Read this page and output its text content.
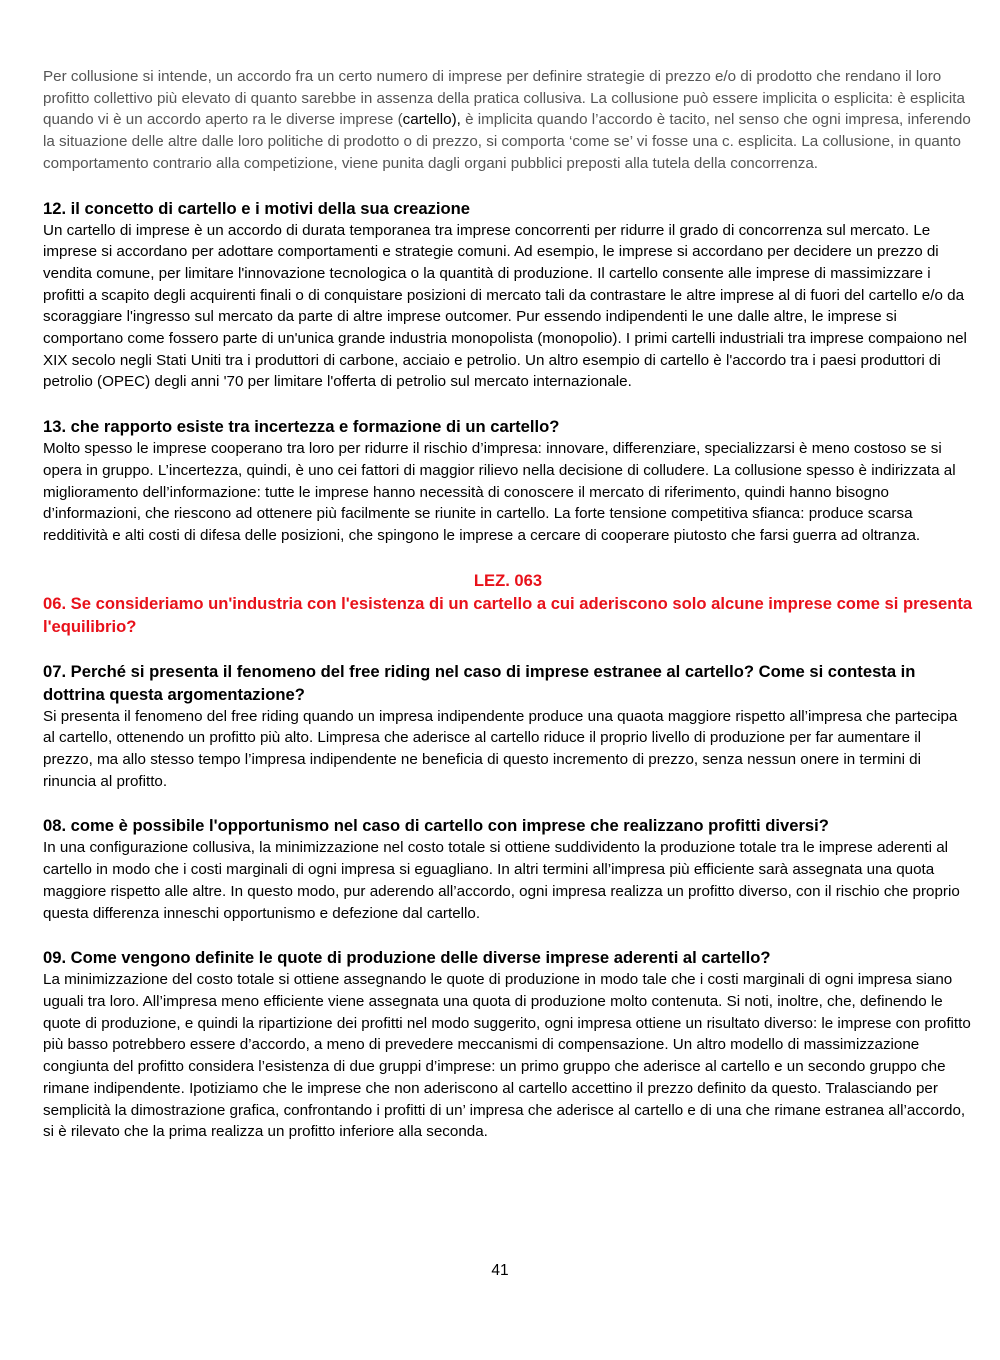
Per collusione si intende, un accordo fra un certo numero di imprese per definire strategie di prezzo e/o di prodotto che rendano il loro profitto collettivo più elevato di quanto sarebbe in assenza della pratica collusiva. La collusione può essere implicita o esplicita: è esplicita quando vi è un accordo aperto ra le diverse imprese (cartello), è implicita quando l’accordo è tacito, nel senso che ogni impresa, inferendo la situazione delle altre dalle loro politiche di prodotto o di prezzo, si comporta ‘come se’ vi fosse una c. esplicita. La collusione, in quanto comportamento contrario alla competizione, viene punita dagli organi pubblici preposti alla tutela della concorrenza.

12. il concetto di cartello e i motivi della sua creazione

Un cartello di imprese è un accordo di durata temporanea tra imprese concorrenti per ridurre il grado di concorrenza sul mercato. Le imprese si accordano per adottare comportamenti e strategie comuni. Ad esempio, le imprese si accordano per decidere un prezzo di vendita comune, per limitare l'innovazione tecnologica o la quantità di produzione. Il cartello consente alle imprese di massimizzare i profitti a scapito degli acquirenti finali o di conquistare posizioni di mercato tali da contrastare le altre imprese al di fuori del cartello e/o da scoraggiare l'ingresso sul mercato da parte di altre imprese outcomer. Pur essendo indipendenti le une dalle altre, le imprese si comportano come fossero parte di un'unica grande industria monopolista (monopolio). I primi cartelli industriali tra imprese compaiono nel XIX secolo negli Stati Uniti tra i produttori di carbone, acciaio e petrolio. Un altro esempio di cartello è l'accordo tra i paesi produttori di petrolio (OPEC) degli anni '70 per limitare l'offerta di petrolio sul mercato internazionale.

13. che rapporto esiste tra incertezza e formazione di un cartello?

Molto spesso le imprese cooperano tra loro per ridurre il rischio d’impresa: innovare, differenziare, specializzarsi è meno costoso se si opera in gruppo. L’incertezza, quindi, è uno cei fattori di maggior rilievo nella decisione di colludere. La collusione spesso è indirizzata al miglioramento dell’informazione: tutte le imprese hanno necessità di conoscere il mercato di riferimento, quindi hanno bisogno d’informazioni, che riescono ad ottenere più facilmente se riunite in cartello. La forte tensione competitiva sfianca: produce scarsa redditività e alti costi di difesa delle posizioni, che spingono le imprese a cercare di cooperare piutosto che farsi guerra ad oltranza.

LEZ. 063
06. Se consideriamo un'industria con l'esistenza di un cartello a cui aderiscono solo alcune imprese come si presenta l'equilibrio?
07. Perché si presenta il fenomeno del free riding nel caso di imprese estranee al cartello? Come si contesta in dottrina questa argomentazione?

Si presenta il fenomeno del free riding quando un impresa indipendente produce una quaota maggiore rispetto all’impresa che partecipa al cartello, ottenendo un profitto più alto. Limpresa che aderisce al cartello riduce il proprio livello di produzione per far aumentare il prezzo, ma allo stesso tempo l’impresa indipendente ne beneficia di questo incremento di prezzo, senza nessun onere in termini di rinuncia al profitto.

08. come è possibile l'opportunismo nel caso di cartello con imprese che realizzano profitti diversi?

In una configurazione collusiva, la minimizzazione nel costo totale si ottiene suddividento la produzione totale tra le imprese aderenti al cartello in modo che i costi marginali di ogni impresa si eguagliano. In altri termini all’impresa più efficiente sarà assegnata una quota maggiore rispetto alle altre. In questo modo, pur aderendo all’accordo, ogni impresa realizza un profitto diverso, con il rischio che proprio questa differenza inneschi opportunismo e defezione dal cartello.

09. Come vengono definite le quote di produzione delle diverse imprese aderenti al cartello?

La minimizzazione del costo totale si ottiene assegnando le quote di produzione in modo tale che i costi marginali di ogni impresa siano uguali tra loro. All’impresa meno efficiente viene assegnata una quota di produzione molto contenuta. Si noti, inoltre, che, definendo le quote di produzione, e quindi la ripartizione dei profitti nel modo suggerito, ogni impresa ottiene un risultato diverso: le imprese con profitto più basso potrebbero essere d’accordo, a meno di prevedere meccanismi di compensazione. Un altro modello di massimizzazione congiunta del profitto considera l’esistenza di due gruppi d’imprese: un primo gruppo che aderisce al cartello e un secondo gruppo che rimane indipendente. Ipotiziamo che le imprese che non aderiscono al cartello accettino il prezzo definito da questo. Tralasciando per semplicità la dimostrazione grafica, confrontando i profitti di un’ impresa che aderisce al cartello e di una che rimane estranea all’accordo, si è rilevato che la prima realizza un profitto inferiore alla seconda.

41
